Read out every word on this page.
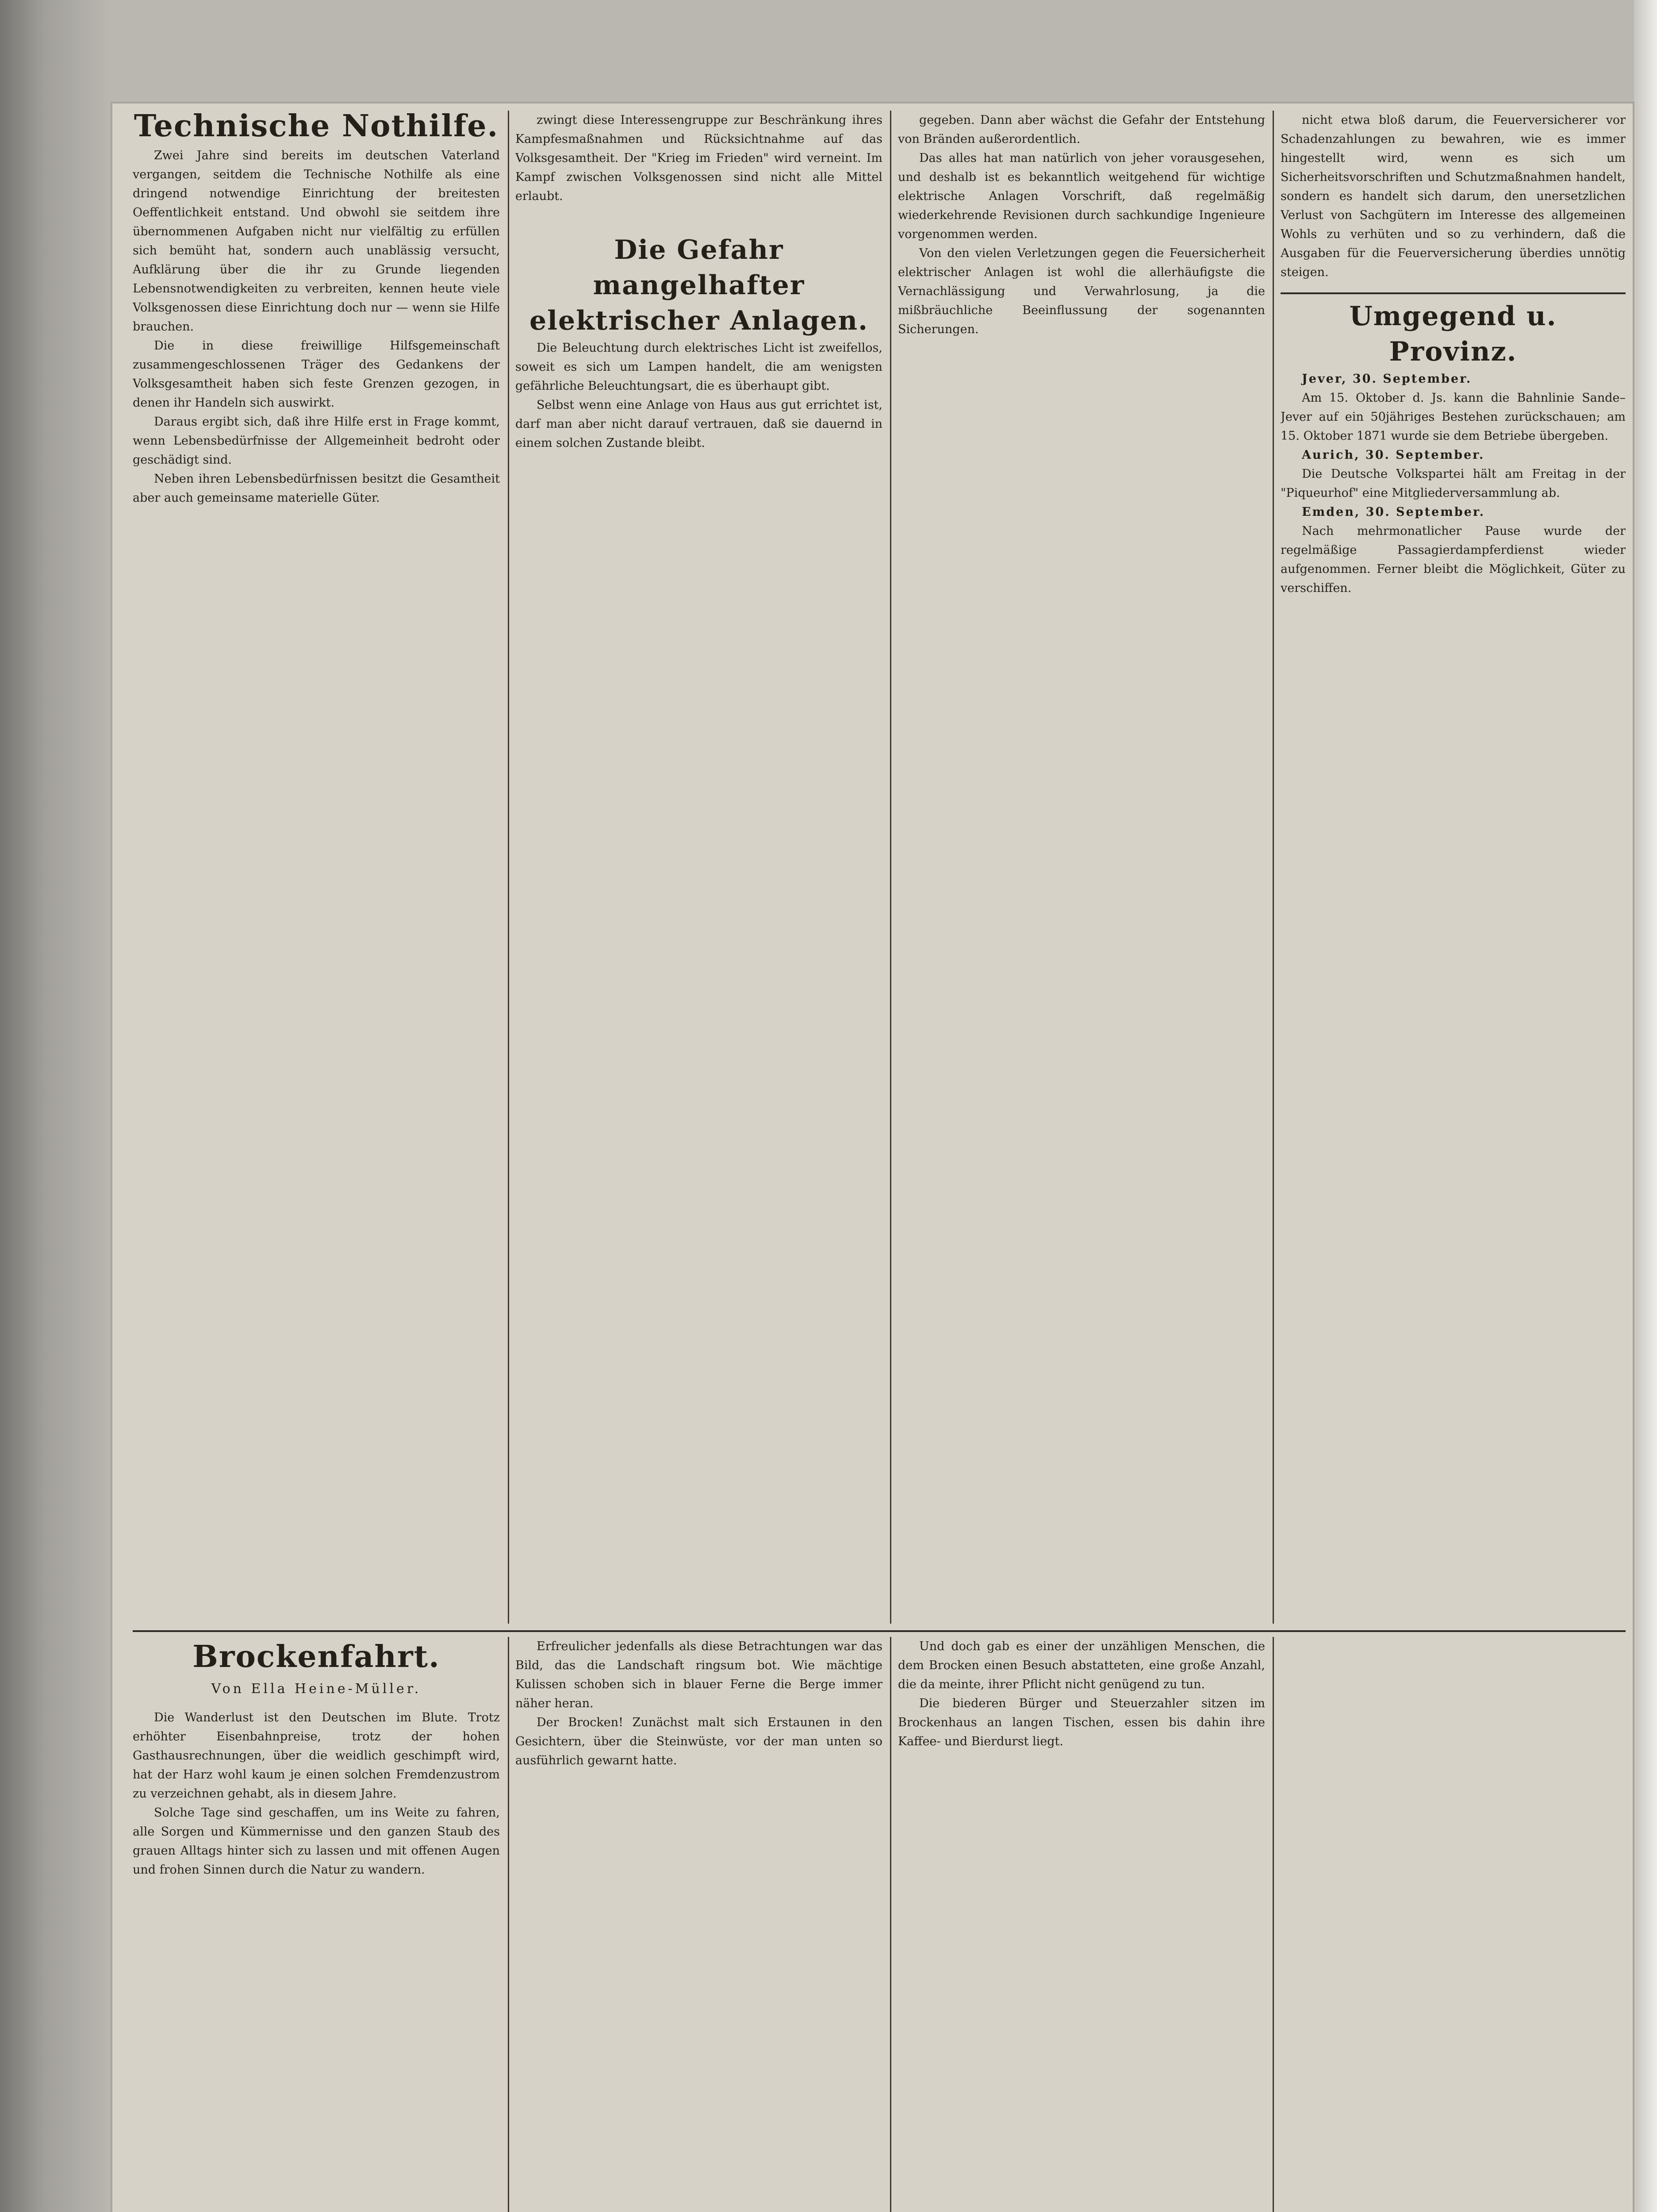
Technische Nothilfe.

Zwei Jahre sind bereits im deutschen Vaterland vergangen, seitdem die Technische Nothilfe als eine dringend notwendige Einrichtung der breitesten Oeffentlichkeit entstand. Und obwohl sie seitdem ihre übernommenen Aufgaben nicht nur vielfältig zu erfüllen sich bemüht hat, sondern auch unablässig versucht, Aufklärung über die ihr zu Grunde liegenden Lebensnotwendigkeiten zu verbreiten, kennen heute viele Volksgenossen diese Einrichtung doch nur — wenn sie Hilfe brauchen.

Die in diese freiwillige Hilfsgemeinschaft zusammengeschlossenen Träger des Gedankens der Volksgesamtheit haben sich feste Grenzen gezogen, in denen ihr Handeln sich auswirkt.

Daraus ergibt sich, daß ihre Hilfe erst in Frage kommt, wenn Lebensbedürfnisse der Allgemeinheit bedroht oder geschädigt sind.

Neben ihren Lebensbedürfnissen besitzt die Gesamtheit aber auch gemeinsame materielle Güter.

zwingt diese Interessengruppe zur Beschränkung ihres Kampfesmaßnahmen und Rücksichtnahme auf das Volksgesamtheit. Der "Krieg im Frieden" wird verneint. Im Kampf zwischen Volksgenossen sind nicht alle Mittel erlaubt.

Die Gefahr mangelhafter elektrischer Anlagen.

Die Beleuchtung durch elektrisches Licht ist zweifellos, soweit es sich um Lampen handelt, die am wenigsten gefährliche Beleuchtungsart, die es überhaupt gibt.

Selbst wenn eine Anlage von Haus aus gut errichtet ist, darf man aber nicht darauf vertrauen, daß sie dauernd in einem solchen Zustande bleibt.

gegeben. Dann aber wächst die Gefahr der Entstehung von Bränden außerordentlich.

Das alles hat man natürlich von jeher vorausgesehen, und deshalb ist es bekanntlich weitgehend für wichtige elektrische Anlagen Vorschrift, daß regelmäßig wiederkehrende Revisionen durch sachkundige Ingenieure vorgenommen werden.

Von den vielen Verletzungen gegen die Feuersicherheit elektrischer Anlagen ist wohl die allerhäufigste die Vernachlässigung und Verwahrlosung, ja die mißbräuchliche Beeinflussung der sogenannten Sicherungen.

nicht etwa bloß darum, die Feuerversicherer vor Schadenzahlungen zu bewahren, wie es immer hingestellt wird, wenn es sich um Sicherheitsvorschriften und Schutzmaßnahmen handelt, sondern es handelt sich darum, den unersetzlichen Verlust von Sachgütern im Interesse des allgemeinen Wohls zu verhüten und so zu verhindern, daß die Ausgaben für die Feuerversicherung überdies unnötig steigen.

Umgegend u. Provinz.

Jever, 30. September.

Am 15. Oktober d. Js. kann die Bahnlinie Sande–Jever auf ein 50jähriges Bestehen zurückschauen; am 15. Oktober 1871 wurde sie dem Betriebe übergeben.

Aurich, 30. September.

Die Deutsche Volkspartei hält am Freitag in der "Piqueurhof" eine Mitgliederversammlung ab.

Emden, 30. September.

Nach mehrmonatlicher Pause wurde der regelmäßige Passagierdampferdienst wieder aufgenommen. Ferner bleibt die Möglichkeit, Güter zu verschiffen.

Brockenfahrt.
Von Ella Heine-Müller.

Die Wanderlust ist den Deutschen im Blute. Trotz erhöhter Eisenbahnpreise, trotz der hohen Gasthausrechnungen, über die weidlich geschimpft wird, hat der Harz wohl kaum je einen solchen Fremdenzustrom zu verzeichnen gehabt, als in diesem Jahre.

Solche Tage sind geschaffen, um ins Weite zu fahren, alle Sorgen und Kümmernisse und den ganzen Staub des grauen Alltags hinter sich zu lassen und mit offenen Augen und frohen Sinnen durch die Natur zu wandern.

Erfreulicher jedenfalls als diese Betrachtungen war das Bild, das die Landschaft ringsum bot. Wie mächtige Kulissen schoben sich in blauer Ferne die Berge immer näher heran.

Der Brocken! Zunächst malt sich Erstaunen in den Gesichtern, über die Steinwüste, vor der man unten so ausführlich gewarnt hatte.

Und doch gab es einer der unzähligen Menschen, die dem Brocken einen Besuch abstatteten, eine große Anzahl, die da meinte, ihrer Pflicht nicht genügend zu tun.

Die biederen Bürger und Steuerzahler sitzen im Brockenhaus an langen Tischen, essen bis dahin ihre Kaffee- und Bierdurst liegt.
